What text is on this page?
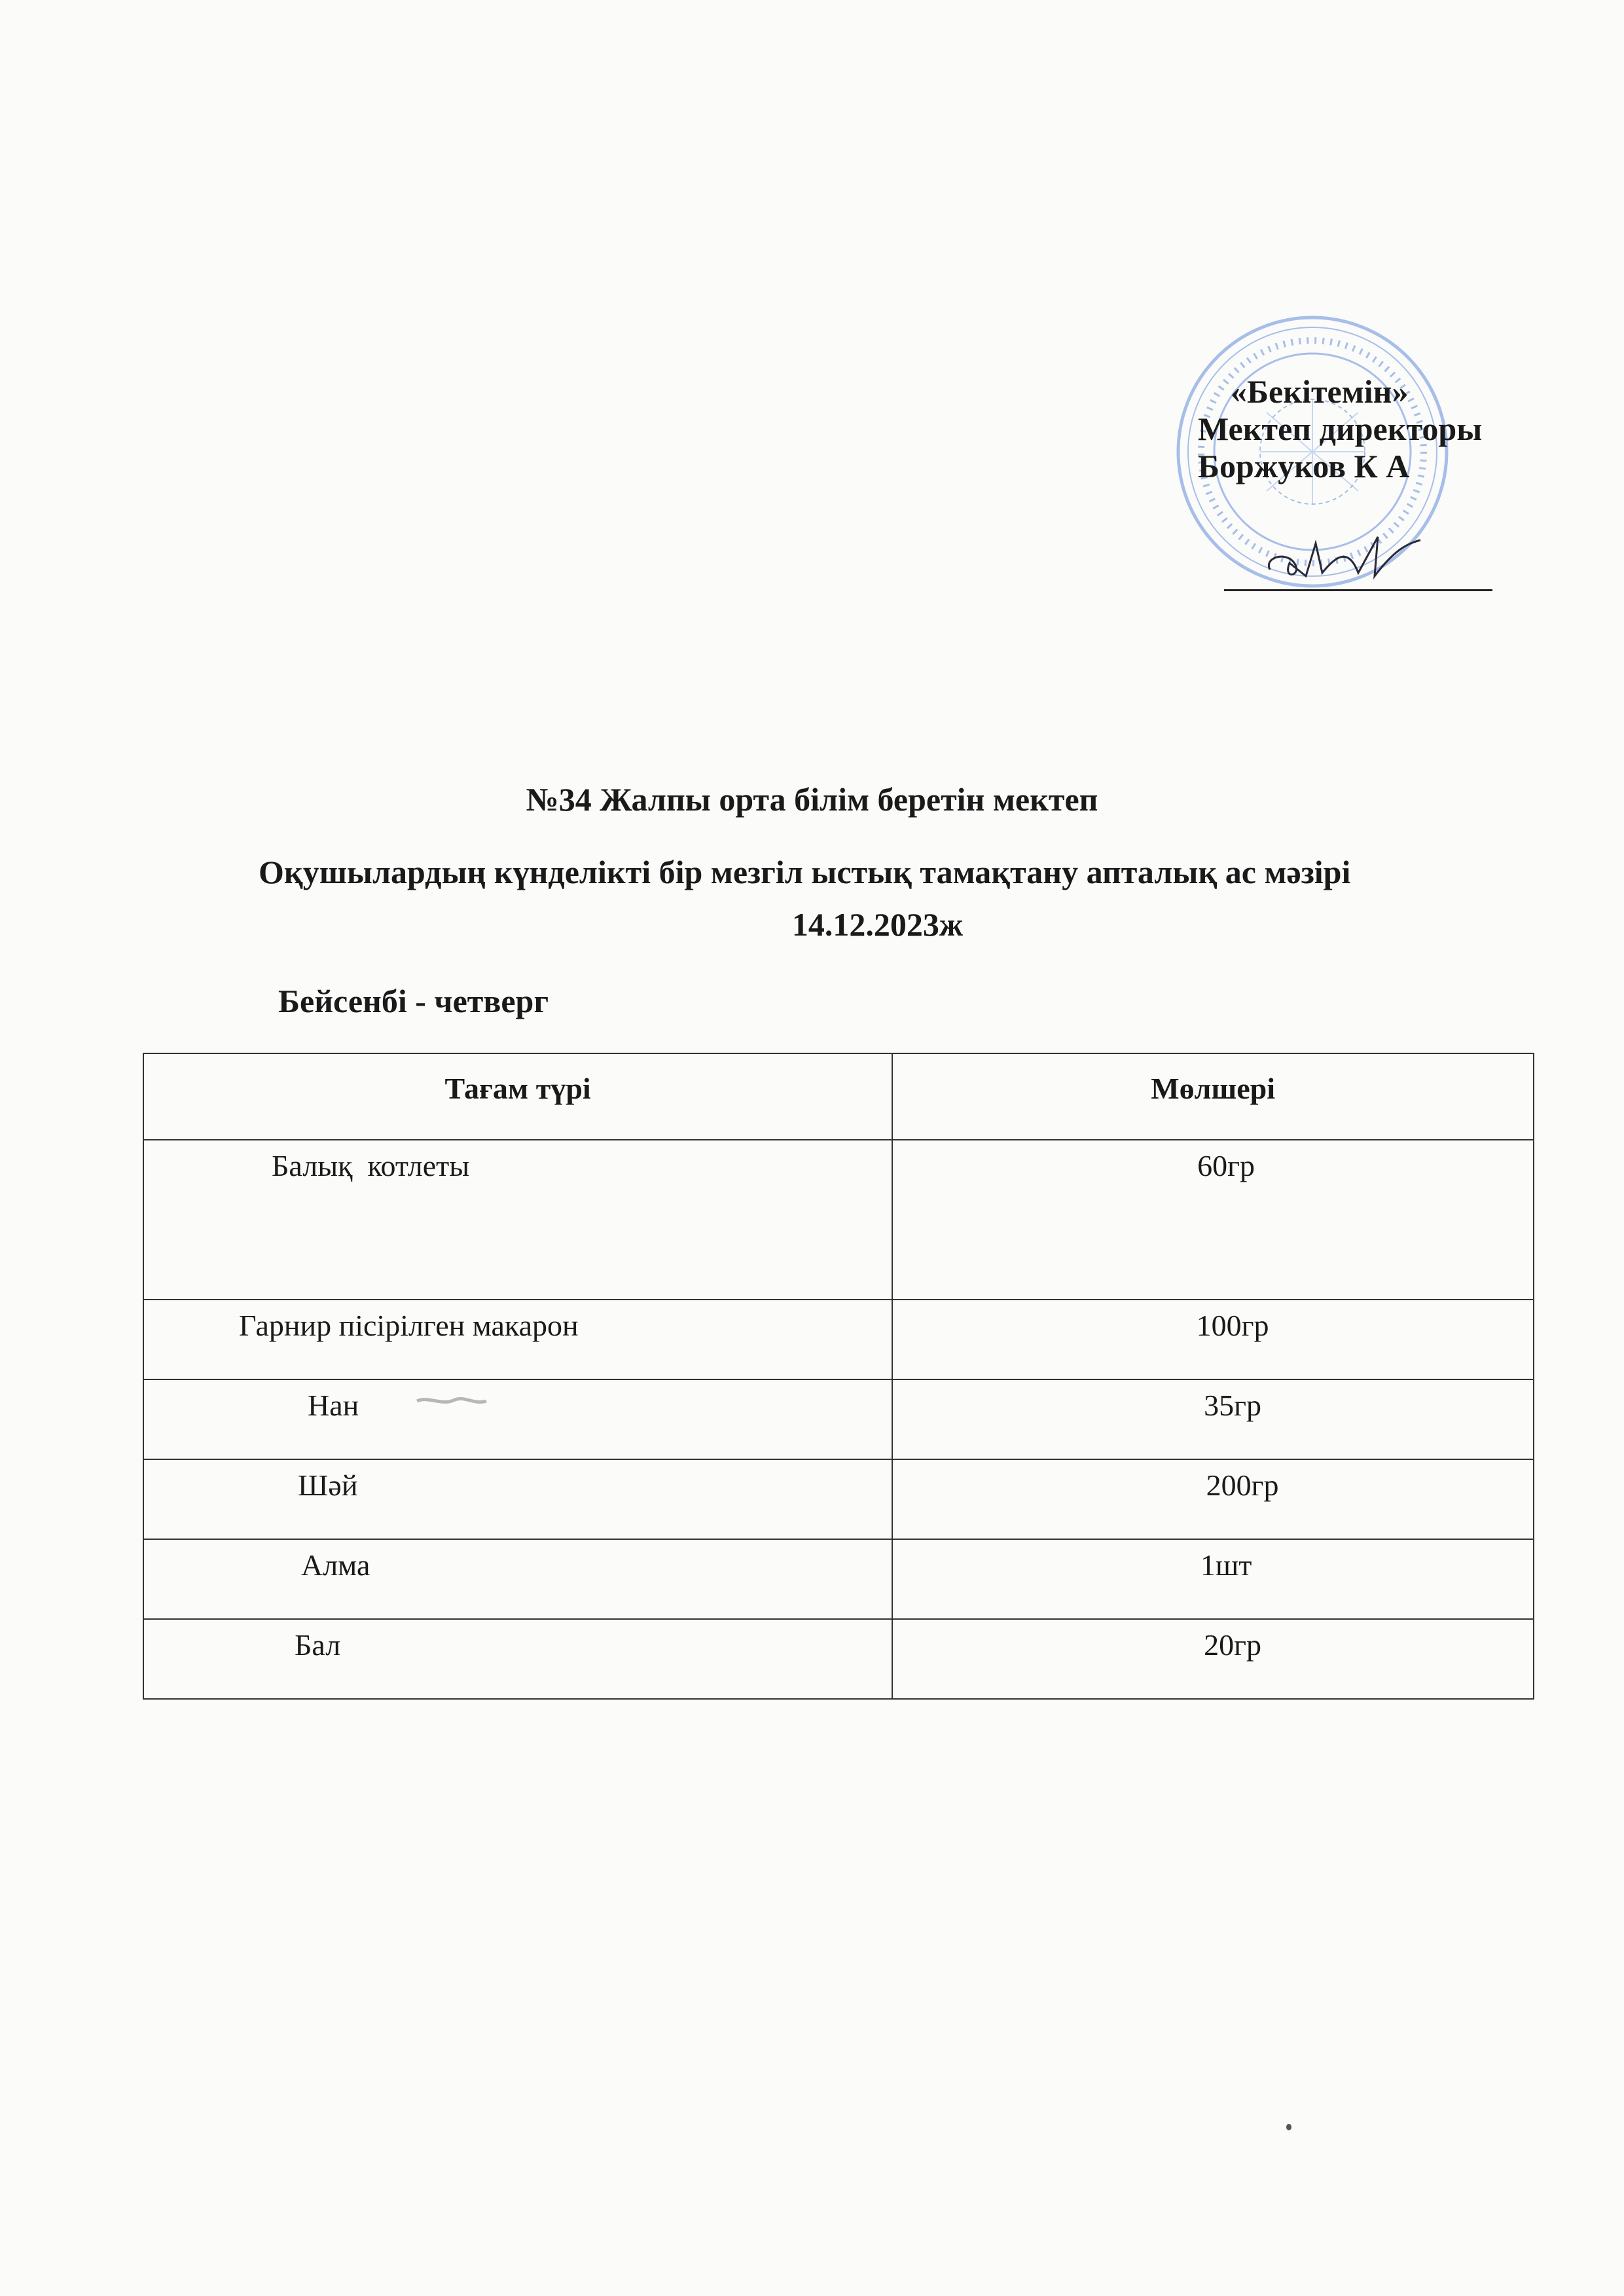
«Бекітемін»
Мектеп директоры
Боржуков К А
№34 Жалпы орта білім беретін мектеп
Оқушылардың күнделікті бір мезгіл ыстық тамақтану апталық ас мәзірі
14.12.2023ж
Бейсенбі - четверг
Тағам түрі	Мөлшері

Балық  котлеты	60гр

Гарнир пісірілген макарон	100гр

Нан	35гр

Шәй	200гр

Алма	1шт

Бал	20гр
